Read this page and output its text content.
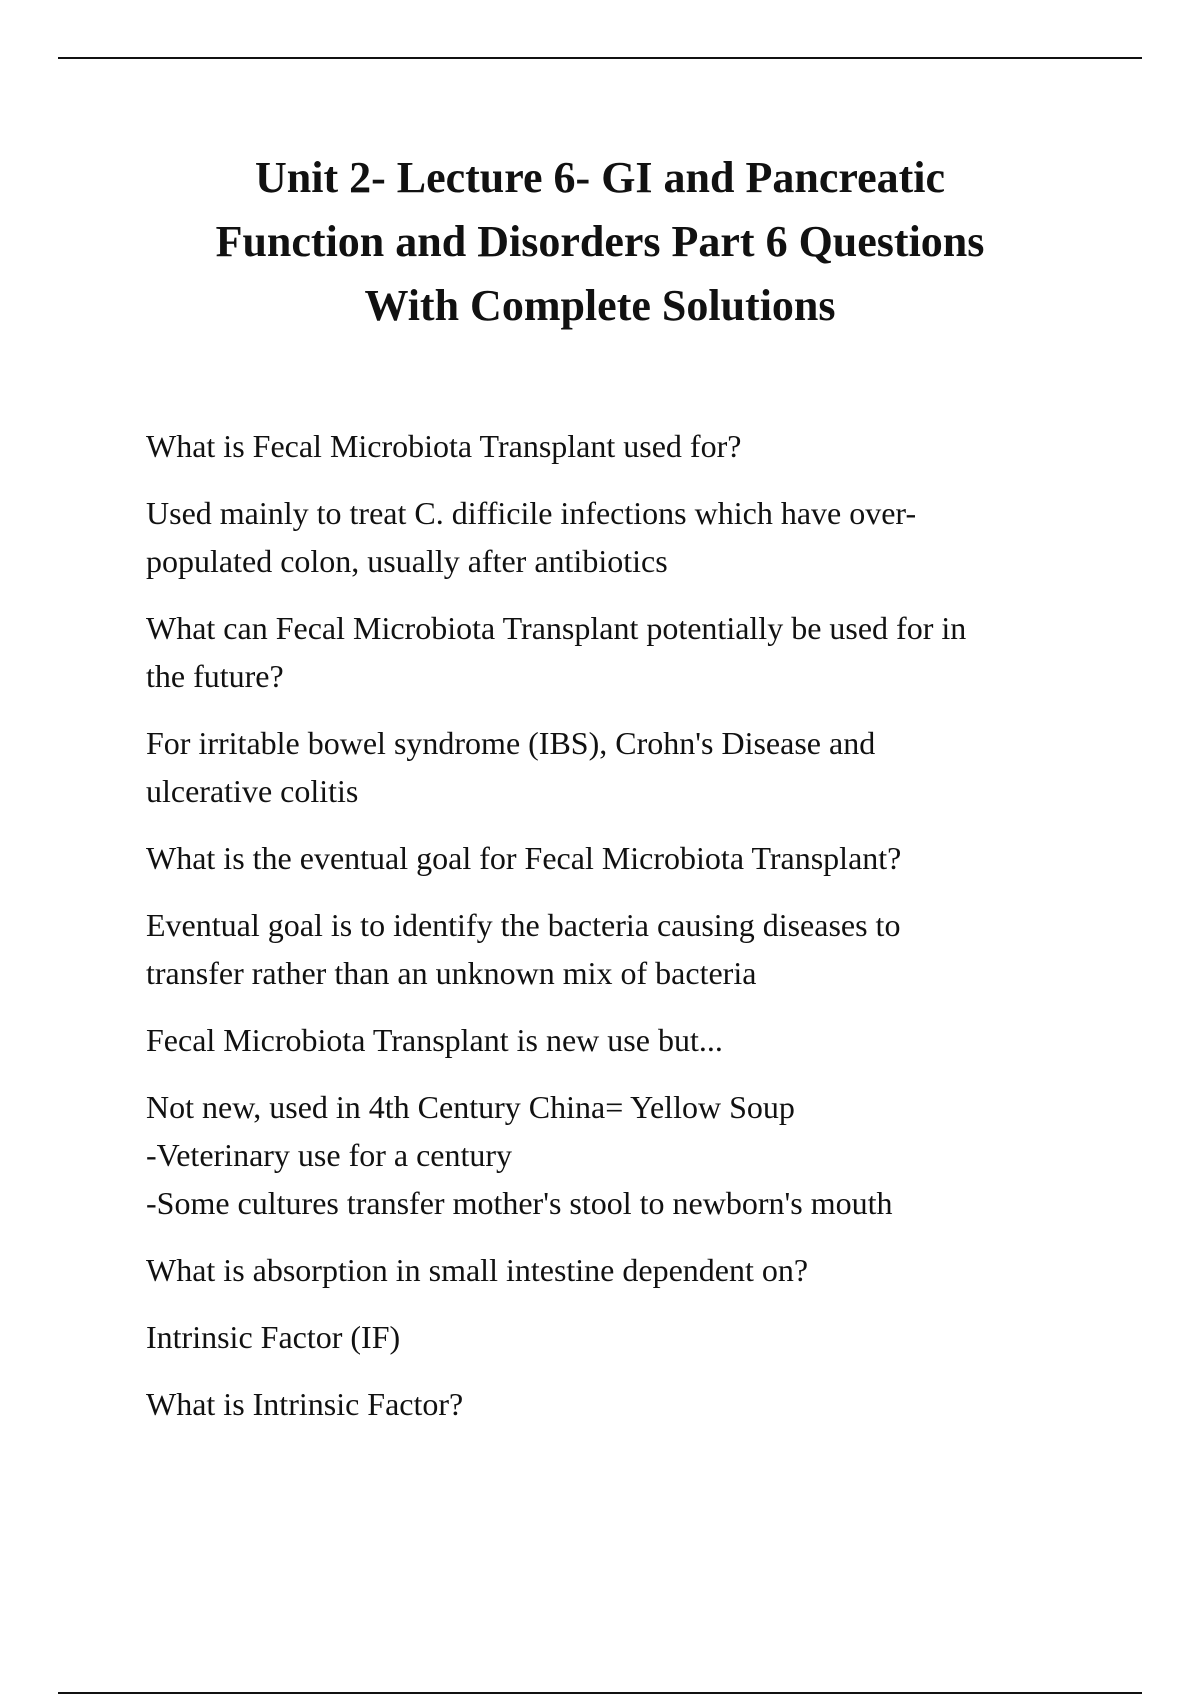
Unit 2- Lecture 6- GI and Pancreatic
Function and Disorders Part 6 Questions
With Complete Solutions

What is Fecal Microbiota Transplant used for?

Used mainly to treat C. difficile infections which have over-
populated colon, usually after antibiotics

What can Fecal Microbiota Transplant potentially be used for in
the future?

For irritable bowel syndrome (IBS), Crohn's Disease and
ulcerative colitis

What is the eventual goal for Fecal Microbiota Transplant?

Eventual goal is to identify the bacteria causing diseases to
transfer rather than an unknown mix of bacteria

Fecal Microbiota Transplant is new use but...

Not new, used in 4th Century China= Yellow Soup
-Veterinary use for a century
-Some cultures transfer mother's stool to newborn's mouth

What is absorption in small intestine dependent on?

Intrinsic Factor (IF)

What is Intrinsic Factor?
